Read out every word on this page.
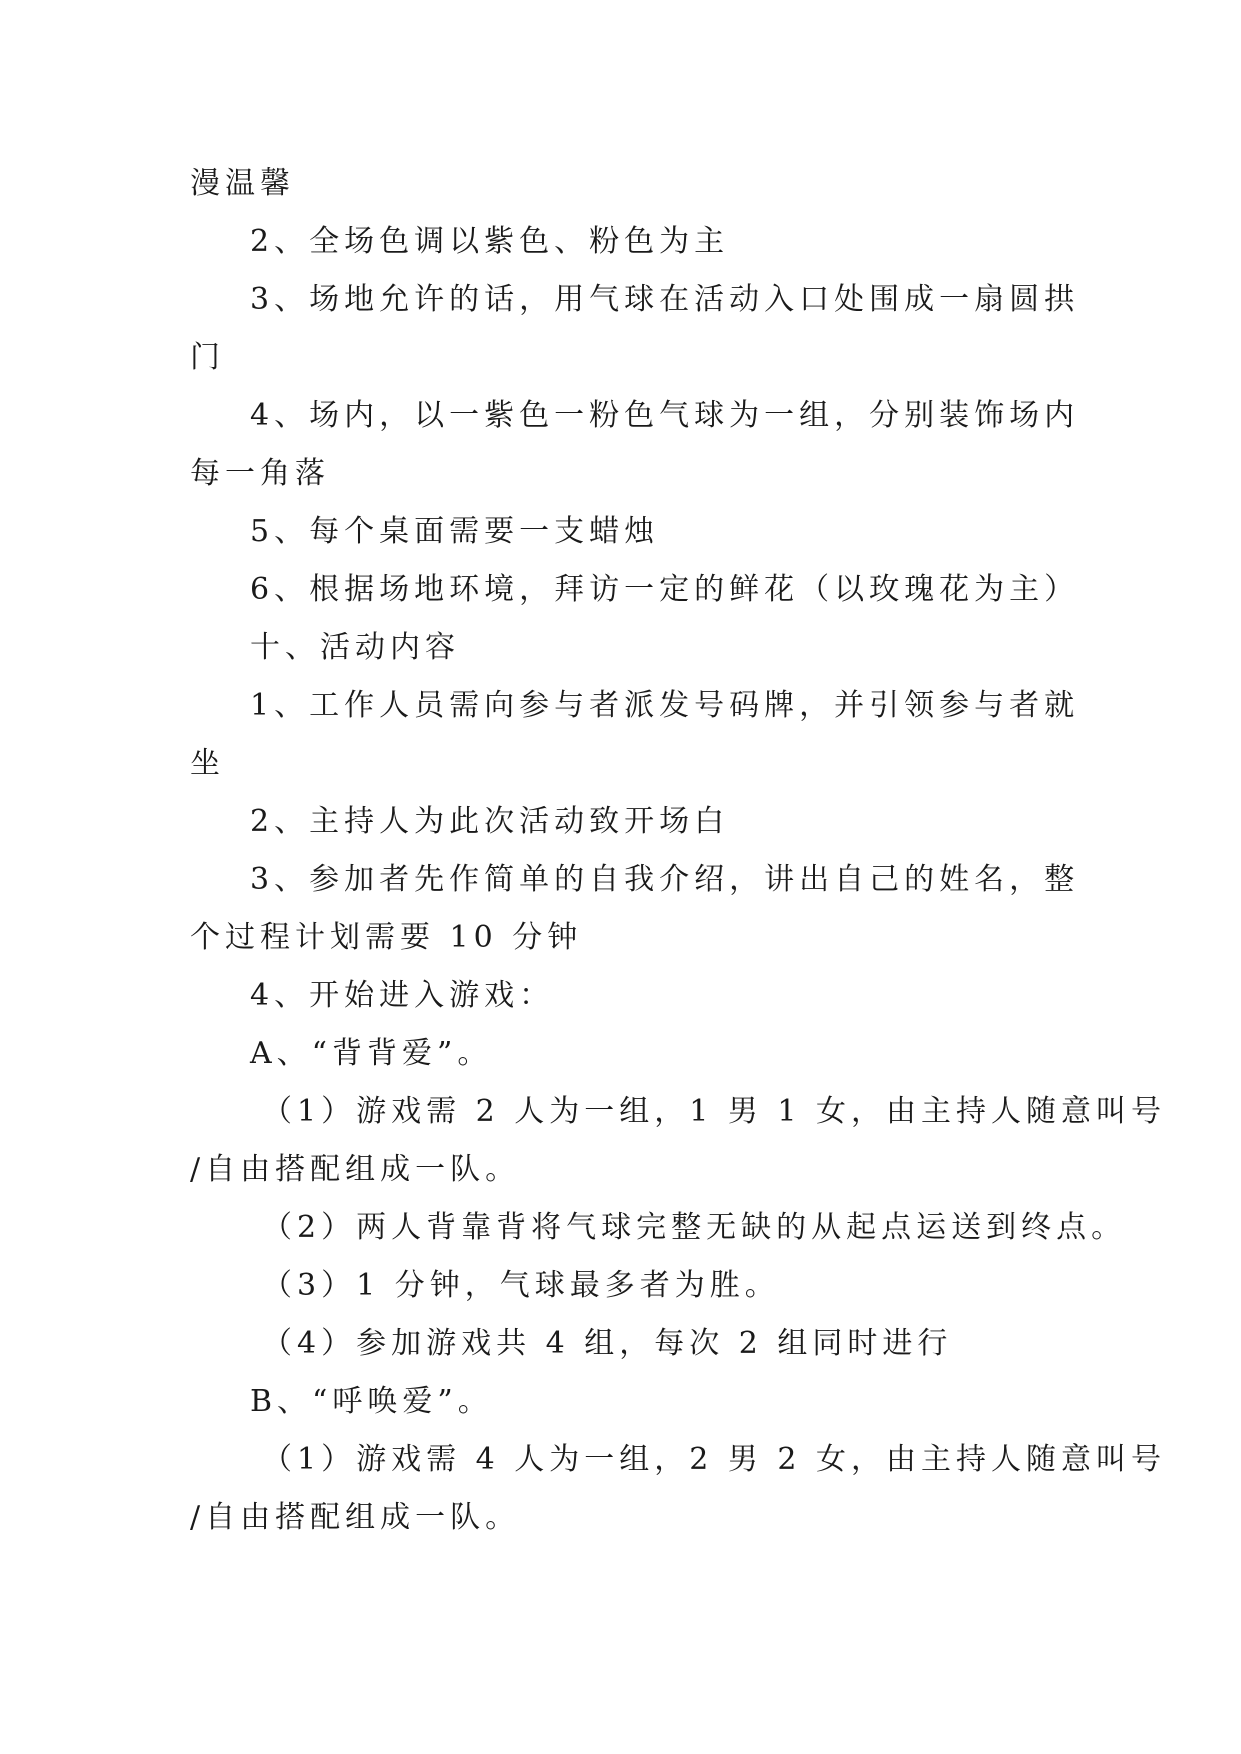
漫温馨
2、全场色调以紫色、粉色为主
3、场地允许的话，用气球在活动入口处围成一扇圆拱
门
4、场内，以一紫色一粉色气球为一组，分别装饰场内
每一角落
5、每个桌面需要一支蜡烛
6、根据场地环境，拜访一定的鲜花（以玫瑰花为主）
十、活动内容
1、工作人员需向参与者派发号码牌，并引领参与者就
坐
2、主持人为此次活动致开场白
3、参加者先作简单的自我介绍，讲出自己的姓名，整
个过程计划需要 10 分钟
4、开始进入游戏：
A、“背背爱”。
（1）游戏需 2 人为一组，1 男 1 女，由主持人随意叫号
/自由搭配组成一队。
（2）两人背靠背将气球完整无缺的从起点运送到终点。
（3）1 分钟，气球最多者为胜。
（4）参加游戏共 4 组，每次 2 组同时进行
B、“呼唤爱”。
（1）游戏需 4 人为一组，2 男 2 女，由主持人随意叫号
/自由搭配组成一队。
